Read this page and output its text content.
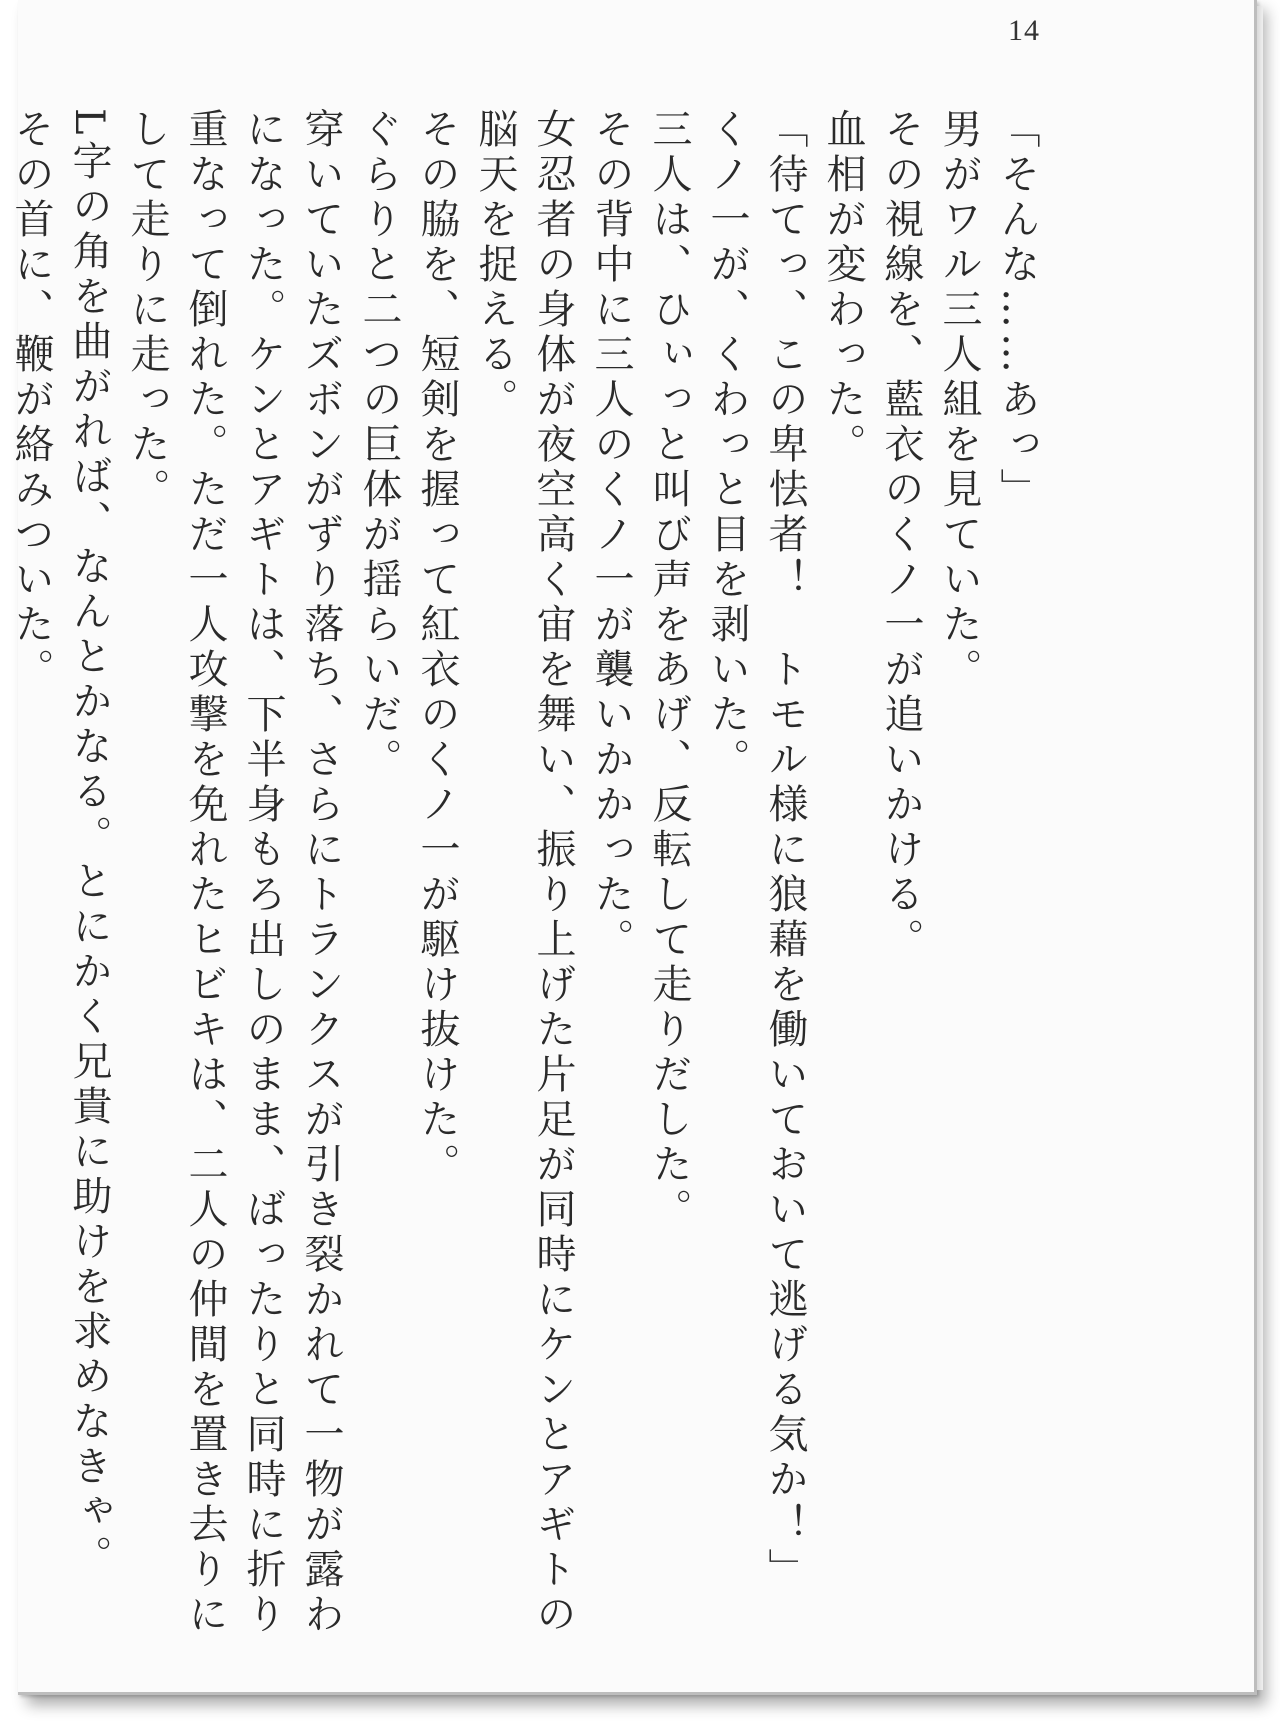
14

「そんな……あっ」

男がワル三人組を見ていた。

その視線を、藍衣のくノ一が追いかける。

血相が変わった。

「待てっ、この卑怯者！　トモル様に狼藉を働いておいて逃げる気か！」

くノ一が、くわっと目を剥いた。

三人は、ひぃっと叫び声をあげ、反転して走りだした。

その背中に三人のくノ一が襲いかかった。

女忍者の身体が夜空高く宙を舞い、振り上げた片足が同時にケンとアギトの脳天を捉える。

その脇を、短剣を握って紅衣のくノ一が駆け抜けた。

ぐらりと二つの巨体が揺らいだ。

穿いていたズボンがずり落ち、さらにトランクスが引き裂かれて一物が露わになった。ケンとアギトは、下半身もろ出しのまま、ばったりと同時に折り重なって倒れた。ただ一人攻撃を免れたヒビキは、二人の仲間を置き去りにして走りに走った。

L字の角を曲がれば、なんとかなる。とにかく兄貴に助けを求めなきゃ。

その首に、鞭が絡みついた。
